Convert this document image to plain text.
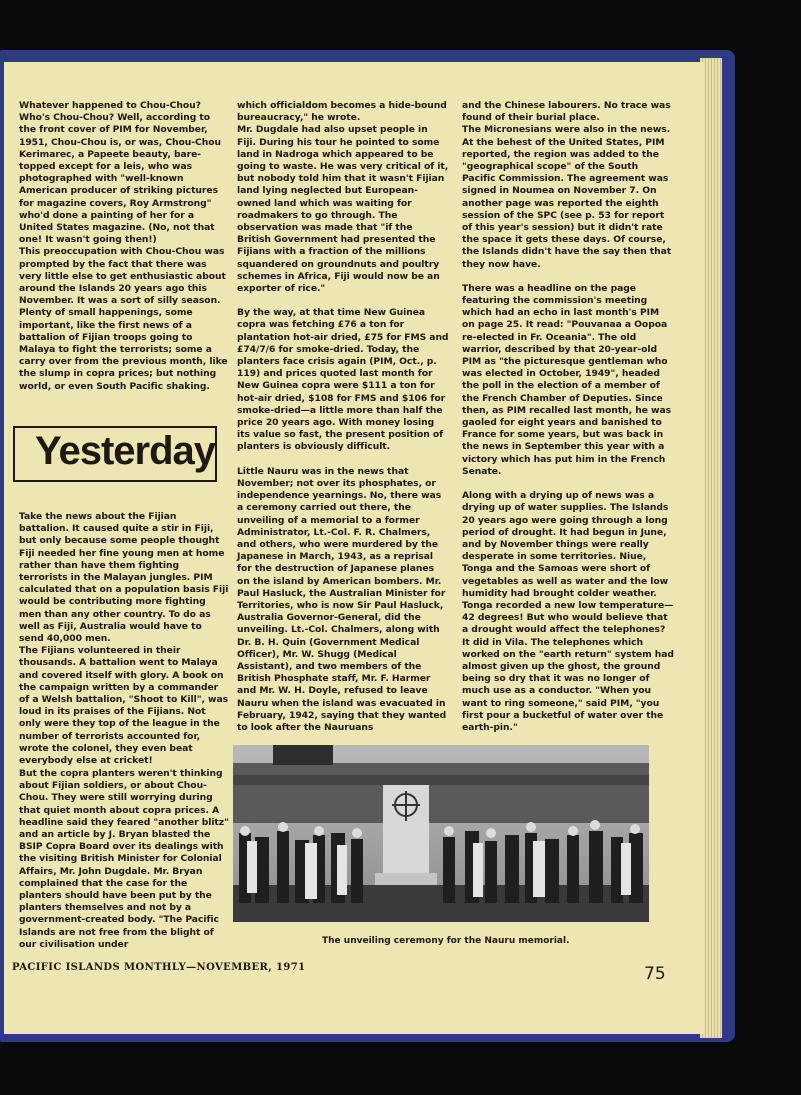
Whatever happened to Chou-Chou? Who's Chou-Chou? Well, according to the front cover of PIM for November, 1951, Chou-Chou is, or was, Chou-Chou Kerimarec, a Papeete beauty, bare-topped except for a leis, who was photographed with "well-known American producer of striking pictures for magazine covers, Roy Armstrong" who'd done a painting of her for a United States magazine. (No, not that one! It wasn't going then!)

This preoccupation with Chou-Chou was prompted by the fact that there was very little else to get enthusiastic about around the Islands 20 years ago this November. It was a sort of silly season. Plenty of small happenings, some important, like the first news of a battalion of Fijian troops going to Malaya to fight the terrorists; some a carry over from the previous month, like the slump in copra prices; but nothing world, or even South Pacific shaking.

Yesterday

Take the news about the Fijian battalion. It caused quite a stir in Fiji, but only because some people thought Fiji needed her fine young men at home rather than have them fighting terrorists in the Malayan jungles. PIM calculated that on a population basis Fiji would be contributing more fighting men than any other country. To do as well as Fiji, Australia would have to send 40,000 men.

The Fijians volunteered in their thousands. A battalion went to Malaya and covered itself with glory. A book on the campaign written by a commander of a Welsh battalion, "Shoot to Kill", was loud in its praises of the Fijians. Not only were they top of the league in the number of terrorists accounted for, wrote the colonel, they even beat everybody else at cricket!

But the copra planters weren't thinking about Fijian soldiers, or about Chou-Chou. They were still worrying during that quiet month about copra prices. A headline said they feared "another blitz" and an article by J. Bryan blasted the BSIP Copra Board over its dealings with the visiting British Minister for Colonial Affairs, Mr. John Dugdale. Mr. Bryan complained that the case for the planters should have been put by the planters themselves and not by a government-created body. "The Pacific Islands are not free from the blight of our civilisation under

which officialdom becomes a hide-bound bureaucracy," he wrote.

Mr. Dugdale had also upset people in Fiji. During his tour he pointed to some land in Nadroga which appeared to be going to waste. He was very critical of it, but nobody told him that it wasn't Fijian land lying neglected but European-owned land which was waiting for roadmakers to go through. The observation was made that "if the British Government had presented the Fijians with a fraction of the millions squandered on groundnuts and poultry schemes in Africa, Fiji would now be an exporter of rice."

By the way, at that time New Guinea copra was fetching £76 a ton for plantation hot-air dried, £75 for FMS and £74/7/6 for smoke-dried. Today, the planters face crisis again (PIM, Oct., p. 119) and prices quoted last month for New Guinea copra were $111 a ton for hot-air dried, $108 for FMS and $106 for smoke-dried—a little more than half the price 20 years ago. With money losing its value so fast, the present position of planters is obviously difficult.

Little Nauru was in the news that November; not over its phosphates, or independence yearnings. No, there was a ceremony carried out there, the unveiling of a memorial to a former Administrator, Lt.-Col. F. R. Chalmers, and others, who were murdered by the Japanese in March, 1943, as a reprisal for the destruction of Japanese planes on the island by American bombers. Mr. Paul Hasluck, the Australian Minister for Territories, who is now Sir Paul Hasluck, Australia Governor-General, did the unveiling. Lt.-Col. Chalmers, along with Dr. B. H. Quin (Government Medical Officer), Mr. W. Shugg (Medical Assistant), and two members of the British Phosphate staff, Mr. F. Harmer and Mr. W. H. Doyle, refused to leave Nauru when the island was evacuated in February, 1942, saying that they wanted to look after the Nauruans

and the Chinese labourers. No trace was found of their burial place.

The Micronesians were also in the news. At the behest of the United States, PIM reported, the region was added to the "geographical scope" of the South Pacific Commission. The agreement was signed in Noumea on November 7. On another page was reported the eighth session of the SPC (see p. 53 for report of this year's session) but it didn't rate the space it gets these days. Of course, the Islands didn't have the say then that they now have.

There was a headline on the page featuring the commission's meeting which had an echo in last month's PIM on page 25. It read: "Pouvanaa a Oopoa re-elected in Fr. Oceania". The old warrior, described by that 20-year-old PIM as "the picturesque gentleman who was elected in October, 1949", headed the poll in the election of a member of the French Chamber of Deputies. Since then, as PIM recalled last month, he was gaoled for eight years and banished to France for some years, but was back in the news in September this year with a victory which has put him in the French Senate.

Along with a drying up of news was a drying up of water supplies. The Islands 20 years ago were going through a long period of drought. It had begun in June, and by November things were really desperate in some territories. Niue, Tonga and the Samoas were short of vegetables as well as water and the low humidity had brought colder weather. Tonga recorded a new low temperature—42 degrees! But who would believe that a drought would affect the telephones? It did in Vila. The telephones which worked on the "earth return" system had almost given up the ghost, the ground being so dry that it was no longer of much use as a conductor. "When you want to ring someone," said PIM, "you first pour a bucketful of water over the earth-pin."

The unveiling ceremony for the Nauru memorial.
PACIFIC ISLANDS MONTHLY—NOVEMBER, 1971	75
